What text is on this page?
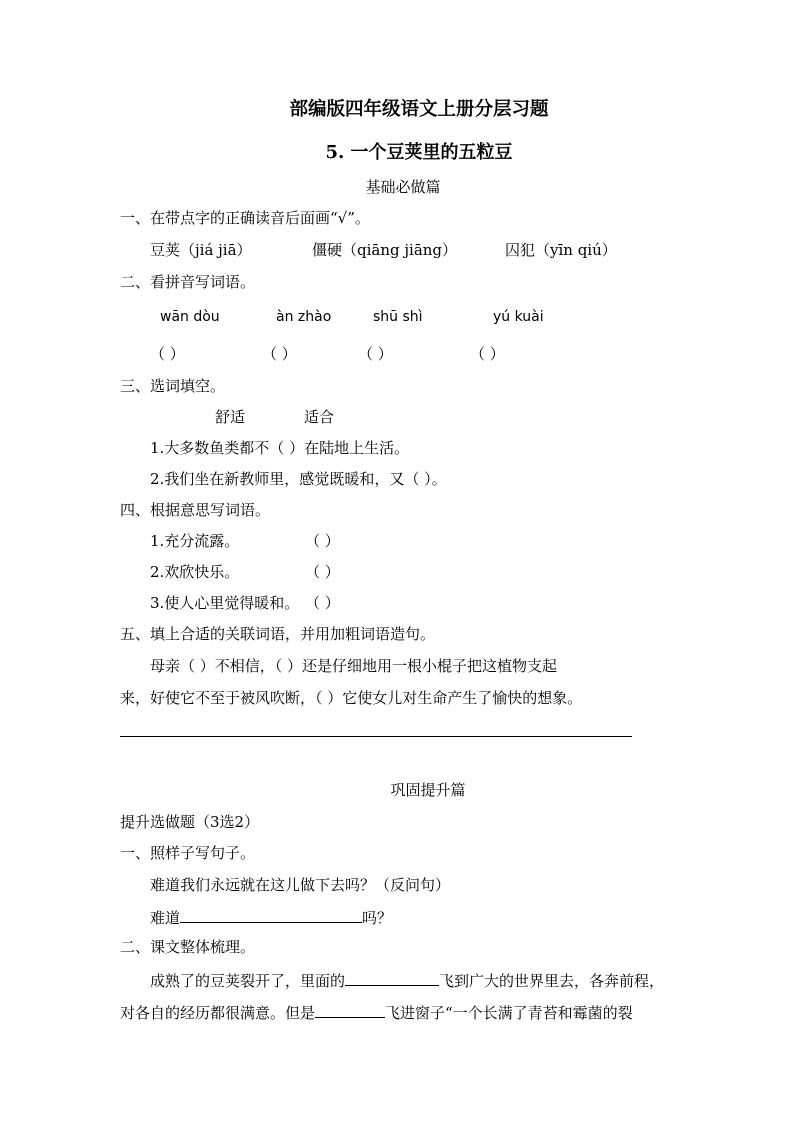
部编版四年级语文上册分层习题
5. 一个豆荚里的五粒豆
基础必做篇
一、在带点字的正确读音后面画“√”。
豆荚（jiá jiā）	僵硬（qiāng jiāng）	囚犯（yīn qiú）
二、看拼音写词语。
wān dòu	àn zhào	shū shì	yú kuài
（ ）	（ ）	（ ）	（ ）
三、选词填空。
舒适	适合
1.大多数鱼类都不（ ）在陆地上生活。
2.我们坐在新教师里，感觉既暖和，又（ ）。
四、根据意思写词语。
1.充分流露。	（ ）
2.欢欣快乐。	（ ）
3.使人心里觉得暖和。 （ ）
五、填上合适的关联词语，并用加粗词语造句。
母亲（ ）不相信，（ ）还是仔细地用一根小棍子把这植物支起
来，好使它不至于被风吹断，（ ）它使女儿对生命产生了愉快的想象。
巩固提升篇
提升选做题（3选2）
一、照样子写句子。
难道我们永远就在这儿做下去吗？（反问句）
难道	吗？
二、课文整体梳理。
成熟了的豆荚裂开了，里面的	飞到广大的世界里去，各奔前程，
对各自的经历都很满意。但是	飞进窗子“一个长满了青苔和霉菌的裂
